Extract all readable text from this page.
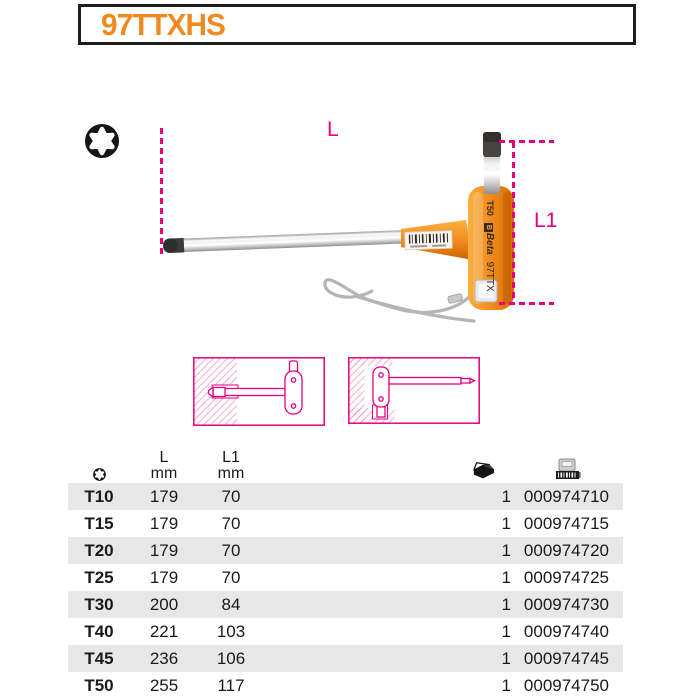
97TTXHS
T50
BBeta
97TTX
L
L1
L
mm
L1
mm
T10	179	70	1 000974710
T15	179	70	1 000974715
T20	179	70	1 000974720
T25	179	70	1 000974725
T30	200	84	1 000974730
T40	221	103	1 000974740
T45	236	106	1 000974745
T50	255	117	1 000974750
